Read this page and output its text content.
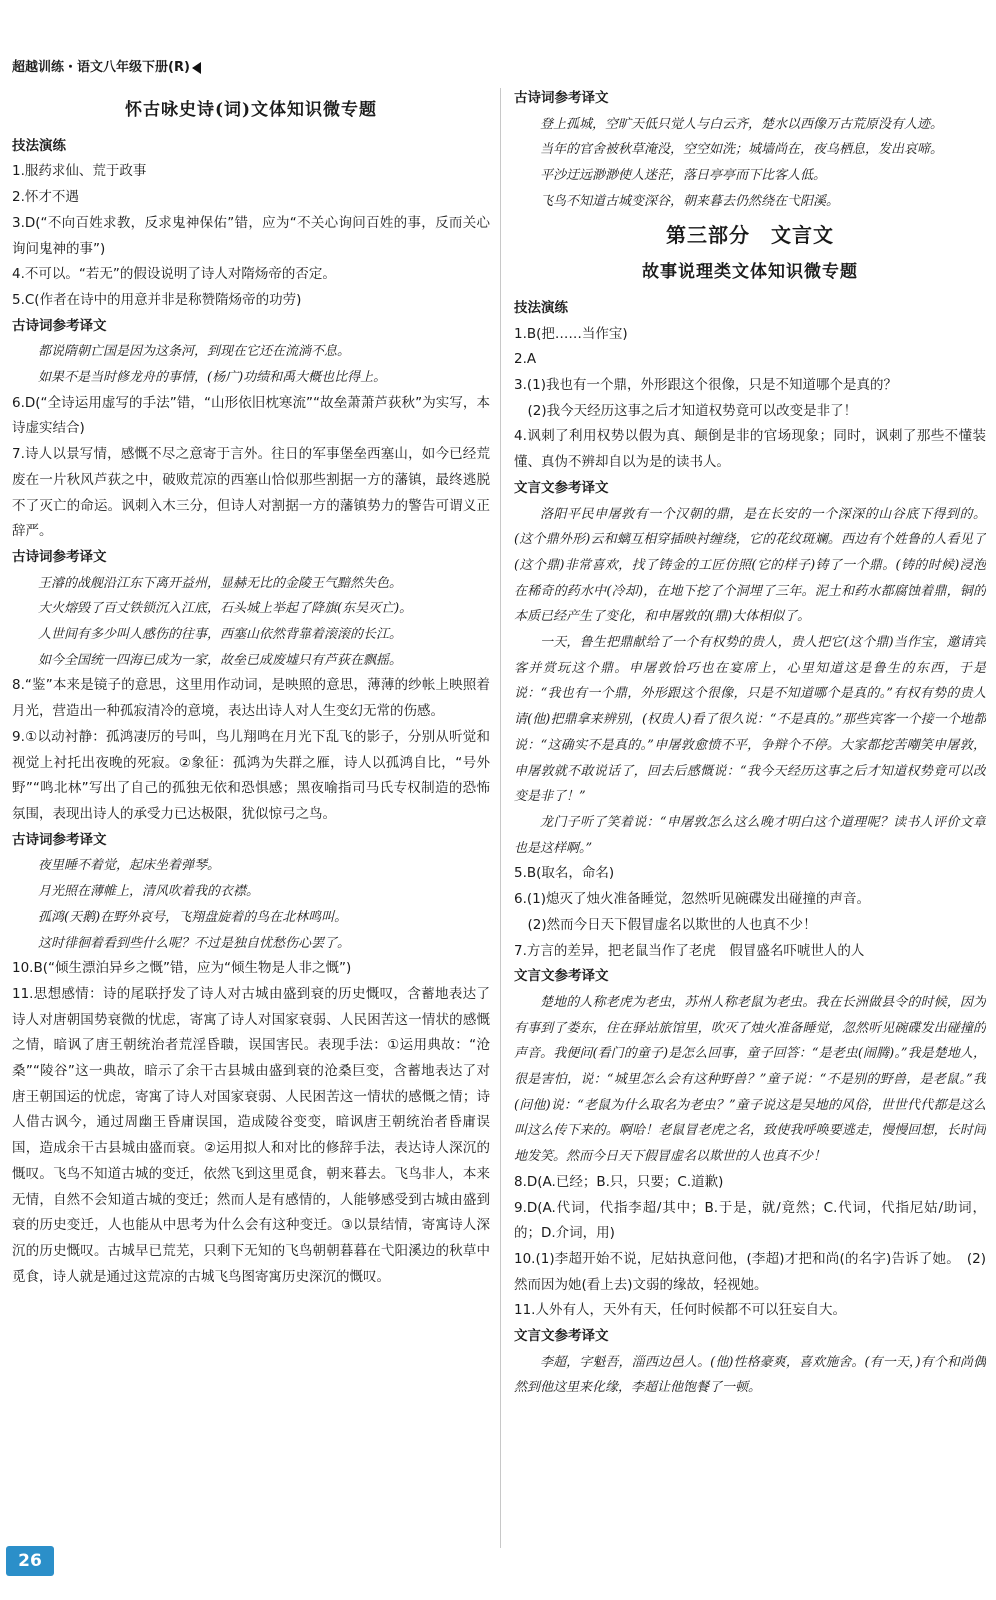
超越训练・语文八年级下册(R)
怀古咏史诗(词)文体知识微专题
技法演练
1.服药求仙、荒于政事
2.怀才不遇
3.D(“不向百姓求教，反求鬼神保佑”错，应为“不关心询问百姓的事，反而关心询问鬼神的事”)
4.不可以。“若无”的假设说明了诗人对隋炀帝的否定。
5.C(作者在诗中的用意并非是称赞隋炀帝的功劳)
古诗词参考译文
都说隋朝亡国是因为这条河，到现在它还在流淌不息。
如果不是当时修龙舟的事情，(杨广)功绩和禹大概也比得上。
6.D(“全诗运用虚写的手法”错，“山形依旧枕寒流”“故垒萧萧芦荻秋”为实写，本诗虚实结合)
7.诗人以景写情，感慨不尽之意寄于言外。往日的军事堡垒西塞山，如今已经荒废在一片秋风芦荻之中，破败荒凉的西塞山恰似那些割据一方的藩镇，最终逃脱不了灭亡的命运。讽刺入木三分，但诗人对割据一方的藩镇势力的警告可谓义正辞严。
古诗词参考译文
王濬的战舰沿江东下离开益州，显赫无比的金陵王气黯然失色。
大火熔毁了百丈铁锁沉入江底，石头城上举起了降旗(东吴灭亡)。
人世间有多少叫人感伤的往事，西塞山依然背靠着滚滚的长江。
如今全国统一四海已成为一家，故垒已成废墟只有芦荻在飘摇。
8.“鉴”本来是镜子的意思，这里用作动词，是映照的意思，薄薄的纱帐上映照着月光，营造出一种孤寂清冷的意境，表达出诗人对人生变幻无常的伤感。
9.①以动衬静：孤鸿凄厉的号叫，鸟儿翔鸣在月光下乱飞的影子，分别从听觉和视觉上衬托出夜晚的死寂。②象征：孤鸿为失群之雁，诗人以孤鸿自比，“号外野”“鸣北林”写出了自己的孤独无依和恐惧感；黑夜喻指司马氏专权制造的恐怖氛围，表现出诗人的承受力已达极限，犹似惊弓之鸟。
古诗词参考译文
夜里睡不着觉，起床坐着弹琴。
月光照在薄帷上，清风吹着我的衣襟。
孤鸿(天鹅)在野外哀号，飞翔盘旋着的鸟在北林鸣叫。
这时徘徊着看到些什么呢？不过是独自忧愁伤心罢了。
10.B(“倾生漂泊异乡之慨”错，应为“倾生物是人非之慨”)
11.思想感情：诗的尾联抒发了诗人对古城由盛到衰的历史慨叹，含蓄地表达了诗人对唐朝国势衰微的忧虑，寄寓了诗人对国家衰弱、人民困苦这一情状的感慨之情，暗讽了唐王朝统治者荒淫昏聩，误国害民。表现手法：①运用典故：“沧桑”“陵谷”这一典故，暗示了余干古县城由盛到衰的沧桑巨变，含蓄地表达了对唐王朝国运的忧虑，寄寓了诗人对国家衰弱、人民困苦这一情状的感慨之情；诗人借古讽今，通过周幽王昏庸误国，造成陵谷变变，暗讽唐王朝统治者昏庸误国，造成余干古县城由盛而衰。②运用拟人和对比的修辞手法，表达诗人深沉的慨叹。飞鸟不知道古城的变迁，依然飞到这里觅食，朝来暮去。飞鸟非人，本来无情，自然不会知道古城的变迁；然而人是有感情的，人能够感受到古城由盛到衰的历史变迁，人也能从中思考为什么会有这种变迁。③以景结情，寄寓诗人深沉的历史慨叹。古城早已荒芜，只剩下无知的飞鸟朝朝暮暮在弋阳溪边的秋草中觅食，诗人就是通过这荒凉的古城飞鸟图寄寓历史深沉的慨叹。
古诗词参考译文
登上孤城，空旷天低只觉人与白云齐，楚水以西像万古荒原没有人迹。
当年的官舍被秋草淹没，空空如洗；城墙尚在，夜乌栖息，发出哀啼。
平沙迂远渺渺使人迷茫，落日亭亭而下比客人低。
飞鸟不知道古城变深谷，朝来暮去仍然绕在弋阳溪。
第三部分　文言文
故事说理类文体知识微专题
技法演练
1.B(把……当作宝)
2.A
3.(1)我也有一个鼎，外形跟这个很像，只是不知道哪个是真的？
　(2)我今天经历这事之后才知道权势竟可以改变是非了！
4.讽刺了利用权势以假为真、颠倒是非的官场现象；同时，讽刺了那些不懂装懂、真伪不辨却自以为是的读书人。
文言文参考译文
洛阳平民申屠敦有一个汉朝的鼎，是在长安的一个深深的山谷底下得到的。(这个鼎外形)云和螭互相穿插映衬缠绕，它的花纹斑斓。西边有个姓鲁的人看见了(这个鼎)非常喜欢，找了铸金的工匠仿照(它的样子)铸了一个鼎。(铸的时候)浸泡在稀奇的药水中(冷却)，在地下挖了个洞埋了三年。泥土和药水都腐蚀着鼎，铜的本质已经产生了变化，和申屠敦的(鼎)大体相似了。
一天，鲁生把鼎献给了一个有权势的贵人，贵人把它(这个鼎)当作宝，邀请宾客并赏玩这个鼎。申屠敦恰巧也在宴席上，心里知道这是鲁生的东西，于是说：“我也有一个鼎，外形跟这个很像，只是不知道哪个是真的。”有权有势的贵人请(他)把鼎拿来辨别，(权贵人)看了很久说：“不是真的。”那些宾客一个接一个地都说：“这确实不是真的。”申屠敦愈愤不平，争辩个不停。大家都挖苦嘲笑申屠敦，申屠敦就不敢说话了，回去后感慨说：“我今天经历这事之后才知道权势竟可以改变是非了！”
龙门子听了笑着说：“申屠敦怎么这么晚才明白这个道理呢？读书人评价文章也是这样啊。”
5.B(取名，命名)
6.(1)熄灭了烛火准备睡觉，忽然听见碗碟发出碰撞的声音。
　(2)然而今日天下假冒虚名以欺世的人也真不少！
7.方言的差异，把老鼠当作了老虎　假冒盛名吓唬世人的人
文言文参考译文
楚地的人称老虎为老虫，苏州人称老鼠为老虫。我在长洲做县令的时候，因为有事到了娄东，住在驿站旅馆里，吹灭了烛火准备睡觉，忽然听见碗碟发出碰撞的声音。我便问(看门的童子)是怎么回事，童子回答：“是老虫(闹腾)。”我是楚地人，很是害怕，说：“城里怎么会有这种野兽？”童子说：“不是别的野兽，是老鼠。”我(问他)说：“老鼠为什么取名为老虫？”童子说这是吴地的风俗，世世代代都是这么叫这么传下来的。啊哈！老鼠冒老虎之名，致使我呼唤要逃走，慢慢回想，长时间地发笑。然而今日天下假冒虚名以欺世的人也真不少！
8.D(A.已经；B.只，只要；C.道歉)
9.D(A.代词，代指李超/其中；B.于是，就/竟然；C.代词，代指尼姑/助词，的；D.介词，用)
10.(1)李超开始不说，尼姑执意问他，(李超)才把和尚(的名字)告诉了她。　(2)然而因为她(看上去)文弱的缘故，轻视她。
11.人外有人，天外有天，任何时候都不可以狂妄自大。
文言文参考译文
李超，字魁吾，淄西边邑人。(他)性格豪爽，喜欢施舍。(有一天，)有个和尚偶然到他这里来化缘，李超让他饱餐了一顿。
26
